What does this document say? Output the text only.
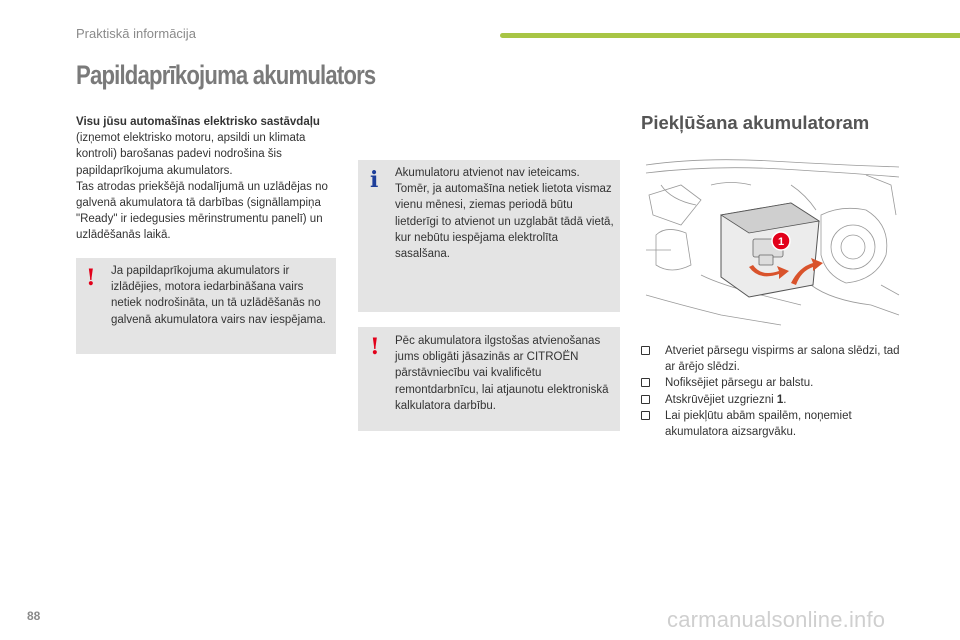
Praktiskā informācija
Papildaprīkojuma akumulators
Visu jūsu automašīnas elektrisko sastāvdaļu
(izņemot elektrisko motoru, apsildi un klimata kontroli) barošanas padevi nodrošina šis papildaprīkojuma akumulators.
Tas atrodas priekšējā nodalījumā un uzlādējas no galvenā akumulatora tā darbības (signāllampiņa "Ready" ir iedegusies mērinstrumentu panelī) un uzlādēšanās laikā.
! Ja papildaprīkojuma akumulators ir izlādējies, motora iedarbināšana vairs netiek nodrošināta, un tā uzlādēšanās no galvenā akumulatora vairs nav iespējama.
i Akumulatoru atvienot nav ieteicams. Tomēr, ja automašīna netiek lietota vismaz vienu mēnesi, ziemas periodā būtu lietderīgi to atvienot un uzglabāt tādā vietā, kur nebūtu iespējama elektrolīta sasalšana.
! Pēc akumulatora ilgstošas atvienošanas jums obligāti jāsazinās ar CITROËN pārstāvniecību vai kvalificētu remontdarbnīcu, lai atjaunotu elektroniskā kalkulatora darbību.
Piekļūšana akumulatoram
1
Atveriet pārsegu vispirms ar salona slēdzi, tad ar ārējo slēdzi.
Nofiksējiet pārsegu ar balstu.
Atskrūvējiet uzgriezni 1.
Lai piekļūtu abām spailēm, noņemiet akumulatora aizsargvāku.
88	carmanualsonline.info
